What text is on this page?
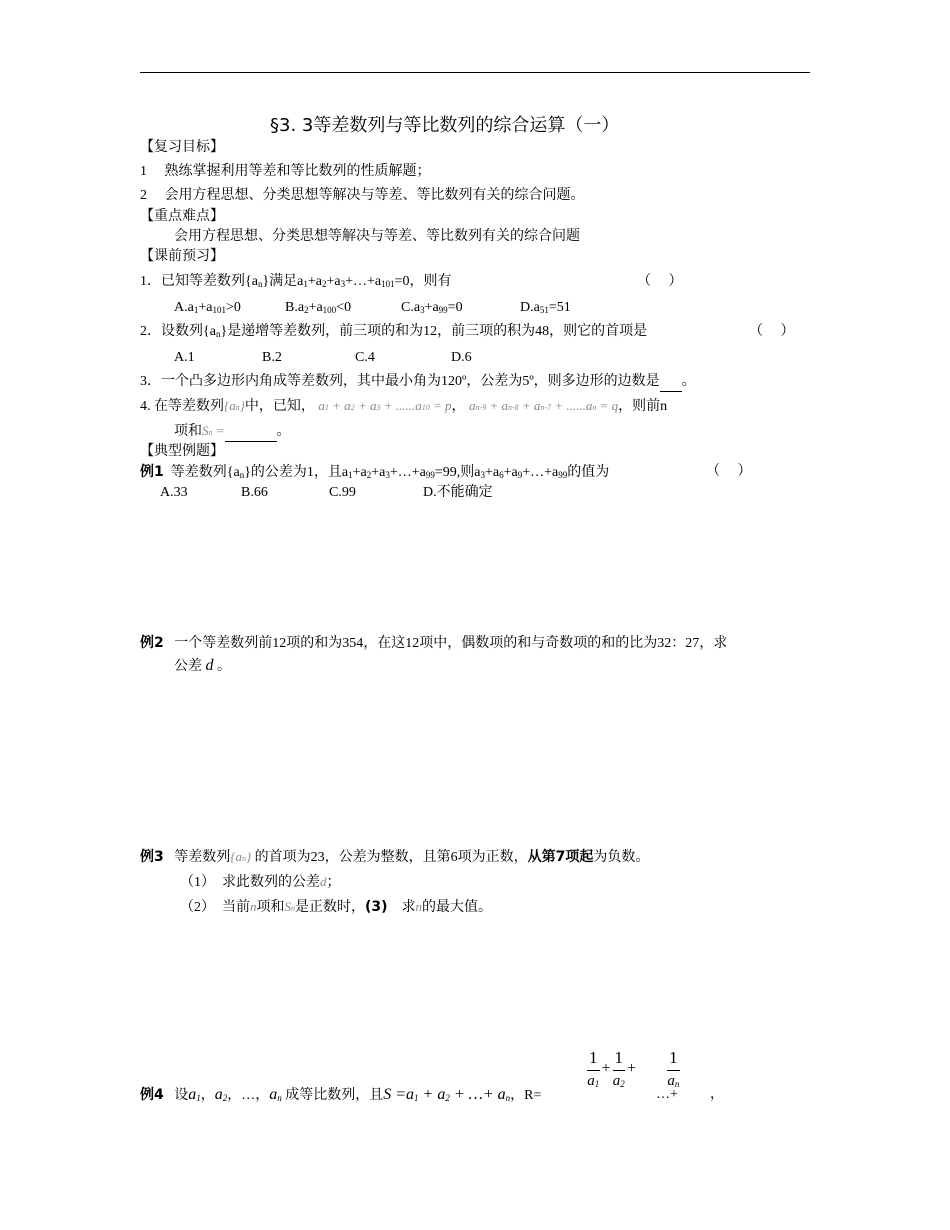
§3. 3等差数列与等比数列的综合运算（一）
【复习目标】
1　 熟练掌握利用等差和等比数列的性质解题；
2　 会用方程思想、分类思想等解决与等差、等比数列有关的综合问题。
【重点难点】
会用方程思想、分类思想等解决与等差、等比数列有关的综合问题
【课前预习】
1．已知等差数列$\{a_n\}$满足$a_1+a_2+a_3+\dots+a_{101}=0$，则有	（　 ）
$A.a_1+a_{101}>0$	$B.a_2+a_{100}<0$	$C.a_3+a_{99}=0$	$D.a_{51}=51$
2．设数列$\{a_n\}$是递增等差数列，前三项的和为12，前三项的积为48，则它的首项是	（　 ）
A.1	B.2	C.4	D.6
3．一个凸多边形内角成等差数列，其中最小角为120º，公差为5º，则多边形的边数是 。
4. 在等差数列{an}中，已知， a1 + a2 + a3 + ......a10 = p， an-9 + an-8 + an-7 + ......an = q，则前n
项和Sn =	。
【典型例题】
例1 等差数列$\{a_n\}$的公差为1，且$a_1+a_2+a_3+\dots+a_{99}=99$,则$a_3+a_6+a_9+\dots+a_{99}$的值为	（　 ）
A.33	B.66	C.99	D.不能确定
例2 一个等差数列前12项的和为354，在这12项中，偶数项的和与奇数项的和的比为32：27，求
公差 d 。
例3 等差数列{an} 的首项为23，公差为整数，且第6项为正数，从第7项起为负数。
（1）　求此数列的公差d；
（2）　当前n项和Sn是正数时，(3)　求n的最大值。
例4 设$a_1$，$a_2$，…，$a_n$ 成等比数列，且$S =a_1 + a_2$ + …+ $a_n$，R=
$\frac{1}{a_1} + \frac{1}{a_2} + \frac{1}{a_n}$
…+ ，
